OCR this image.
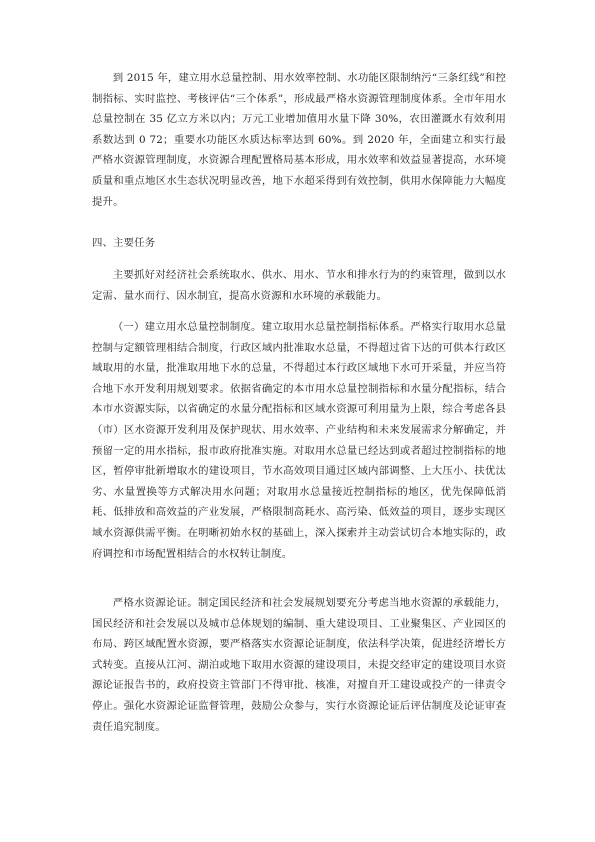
到 2015 年，建立用水总量控制、用水效率控制、水功能区限制纳污“三条红线”和控制指标、实时监控、考核评估“三个体系”，形成最严格水资源管理制度体系。全市年用水总量控制在 35 亿立方米以内；万元工业增加值用水量下降 30%，农田灌溉水有效利用系数达到 0 72；重要水功能区水质达标率达到 60%。到 2020 年，全面建立和实行最严格水资源管理制度，水资源合理配置格局基本形成，用水效率和效益显著提高，水环境质量和重点地区水生态状况明显改善，地下水超采得到有效控制，供用水保障能力大幅度提升。

四、主要任务

主要抓好对经济社会系统取水、供水、用水、节水和排水行为的约束管理，做到以水定需、量水而行、因水制宜，提高水资源和水环境的承载能力。

（一）建立用水总量控制制度。建立取用水总量控制指标体系。严格实行取用水总量控制与定额管理相结合制度，行政区域内批准取水总量，不得超过省下达的可供本行政区域取用的水量，批准取用地下水的总量，不得超过本行政区域地下水可开采量，并应当符合地下水开发利用规划要求。依据省确定的本市用水总量控制指标和水量分配指标，结合本市水资源实际，以省确定的水量分配指标和区域水资源可利用量为上限，综合考虑各县（市）区水资源开发利用及保护现状、用水效率、产业结构和未来发展需求分解确定，并预留一定的用水指标，报市政府批准实施。对取用水总量已经达到或者超过控制指标的地区，暂停审批新增取水的建设项目，节水高效项目通过区域内部调整、上大压小、扶优汰劣、水量置换等方式解决用水问题；对取用水总量接近控制指标的地区，优先保障低消耗、低排放和高效益的产业发展，严格限制高耗水、高污染、低效益的项目，逐步实现区域水资源供需平衡。在明晰初始水权的基础上，深入探索并主动尝试切合本地实际的，政府调控和市场配置相结合的水权转让制度。

严格水资源论证。制定国民经济和社会发展规划要充分考虑当地水资源的承载能力，国民经济和社会发展以及城市总体规划的编制、重大建设项目、工业聚集区、产业园区的布局、跨区域配置水资源，要严格落实水资源论证制度，依法科学决策，促进经济增长方式转变。直接从江河、湖泊或地下取用水资源的建设项目，未提交经审定的建设项目水资源论证报告书的，政府投资主管部门不得审批、核准，对擅自开工建设或投产的一律责令停止。强化水资源论证监督管理，鼓励公众参与，实行水资源论证后评估制度及论证审查责任追究制度。
